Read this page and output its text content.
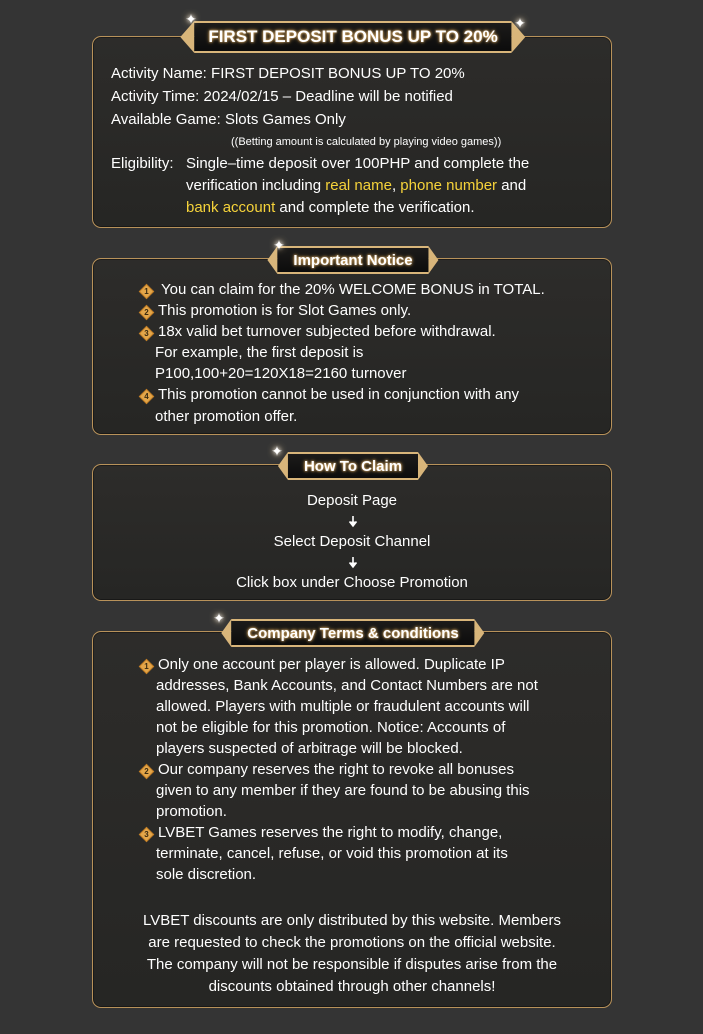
FIRST DEPOSIT BONUS UP TO 20%
✦	✦
Activity Name: FIRST DEPOSIT BONUS UP TO 20%
Activity Time: 2024/02/15 – Deadline will be notified
Available Game: Slots Games Only
((Betting amount is calculated by playing video games))
Eligibility: Single–time deposit over 100PHP and complete the
verification including real name, phone number and
bank account and complete the verification.
Important Notice
✦
1 You can claim for the 20% WELCOME BONUS in TOTAL.
2 This promotion is for Slot Games only.
3 18x valid bet turnover subjected before withdrawal.
For example, the first deposit is
P100,100+20=120X18=2160 turnover
4 This promotion cannot be used in conjunction with any
other promotion offer.
How To Claim
✦
Deposit Page
Select Deposit Channel
Click box under Choose Promotion
Company Terms & conditions
✦
1 Only one account per player is allowed. Duplicate IP
addresses, Bank Accounts, and Contact Numbers are not
allowed. Players with multiple or fraudulent accounts will
not be eligible for this promotion. Notice: Accounts of
players suspected of arbitrage will be blocked.
2 Our company reserves the right to revoke all bonuses
given to any member if they are found to be abusing this
promotion.
3 LVBET Games reserves the right to modify, change,
terminate, cancel, refuse, or void this promotion at its
sole discretion.
LVBET discounts are only distributed by this website. Members
are requested to check the promotions on the official website.
The company will not be responsible if disputes arise from the
discounts obtained through other channels!
